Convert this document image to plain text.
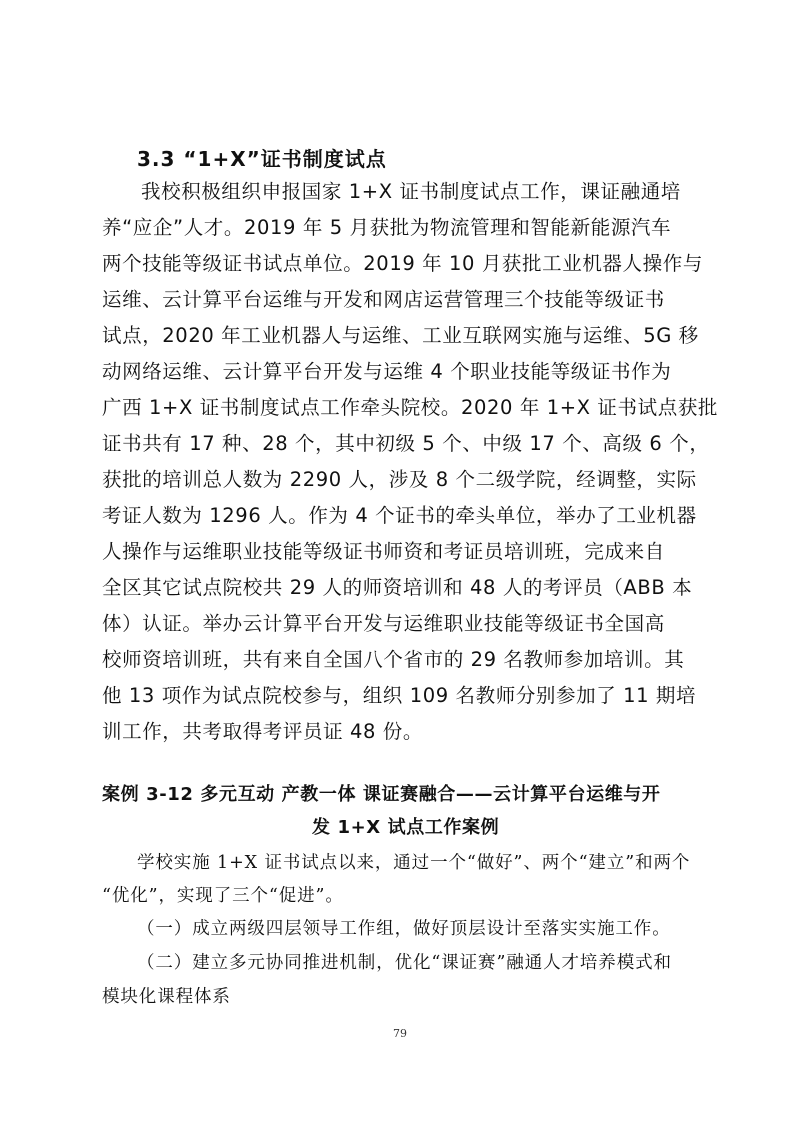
3.3 “1+X”证书制度试点
我校积极组织申报国家 1+X 证书制度试点工作，课证融通培
养“应企”人才。2019 年 5 月获批为物流管理和智能新能源汽车
两个技能等级证书试点单位。2019 年 10 月获批工业机器人操作与
运维、云计算平台运维与开发和网店运营管理三个技能等级证书
试点，2020 年工业机器人与运维、工业互联网实施与运维、5G 移
动网络运维、云计算平台开发与运维 4 个职业技能等级证书作为
广西 1+X 证书制度试点工作牵头院校。2020 年 1+X 证书试点获批
证书共有 17 种、28 个，其中初级 5 个、中级 17 个、高级 6 个，
获批的培训总人数为 2290 人，涉及 8 个二级学院，经调整，实际
考证人数为 1296 人。作为 4 个证书的牵头单位，举办了工业机器
人操作与运维职业技能等级证书师资和考证员培训班，完成来自
全区其它试点院校共 29 人的师资培训和 48 人的考评员（ABB 本
体）认证。举办云计算平台开发与运维职业技能等级证书全国高
校师资培训班，共有来自全国八个省市的 29 名教师参加培训。其
他 13 项作为试点院校参与，组织 109 名教师分别参加了 11 期培
训工作，共考取得考评员证 48 份。
案例 3-12 多元互动 产教一体 课证赛融合——云计算平台运维与开
发 1+X 试点工作案例
学校实施 1+X 证书试点以来，通过一个“做好”、两个“建立”和两个
“优化”，实现了三个“促进”。
（一）成立两级四层领导工作组，做好顶层设计至落实实施工作。
（二）建立多元协同推进机制，优化“课证赛”融通人才培养模式和
模块化课程体系
79
